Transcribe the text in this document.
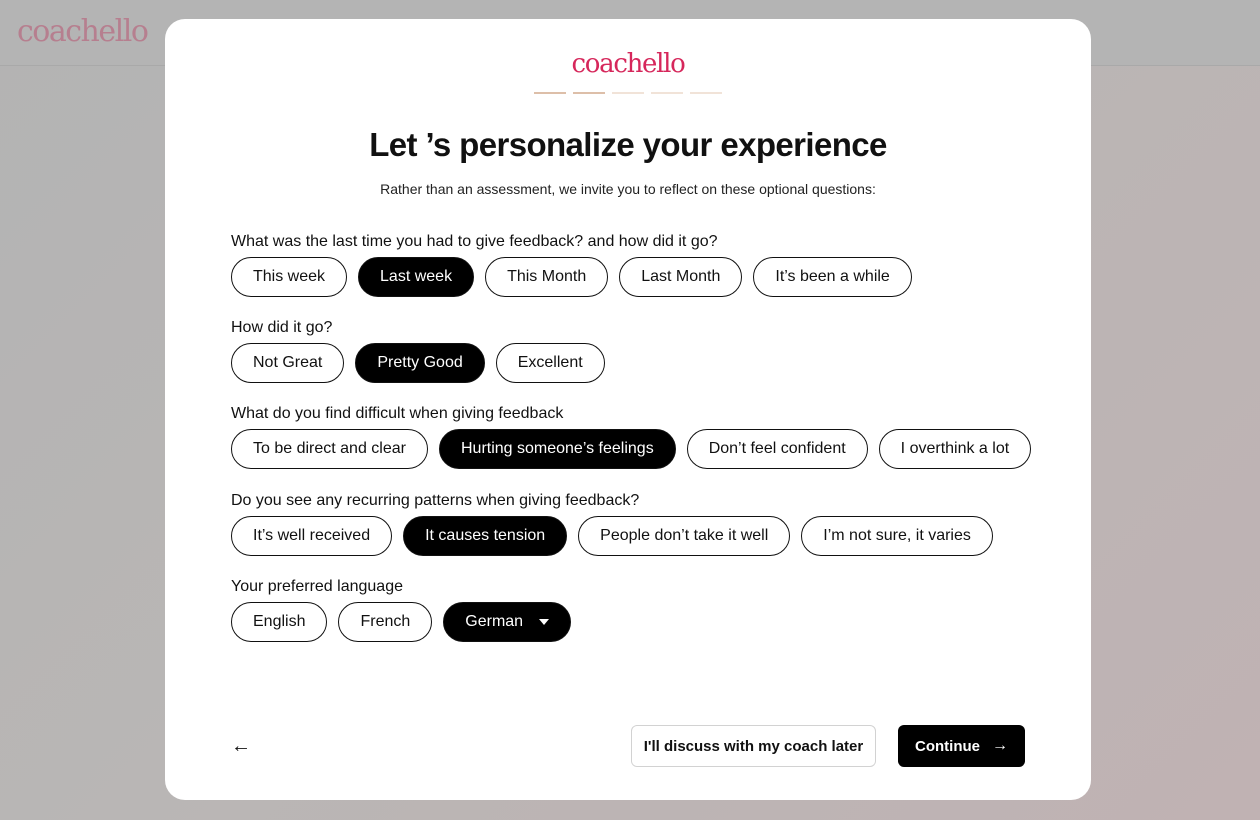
coachello
coachello
Let ’s personalize your experience

Rather than an assessment, we invite you to reflect on these optional questions:

What was the last time you had to give feedback? and how did it go?
This week	Last week	This Month	Last Month	It’s been a while
How did it go?
Not Great	Pretty Good	Excellent
What do you find difficult when giving feedback
To be direct and clear	Hurting someone’s feelings	Don’t feel confident	I overthink a lot
Do you see any recurring patterns when giving feedback?
It’s well received	It causes tension	People don’t take it well	I’m not sure, it varies
Your preferred language
English	French	German
←	I'll discuss with my coach later	Continue →
